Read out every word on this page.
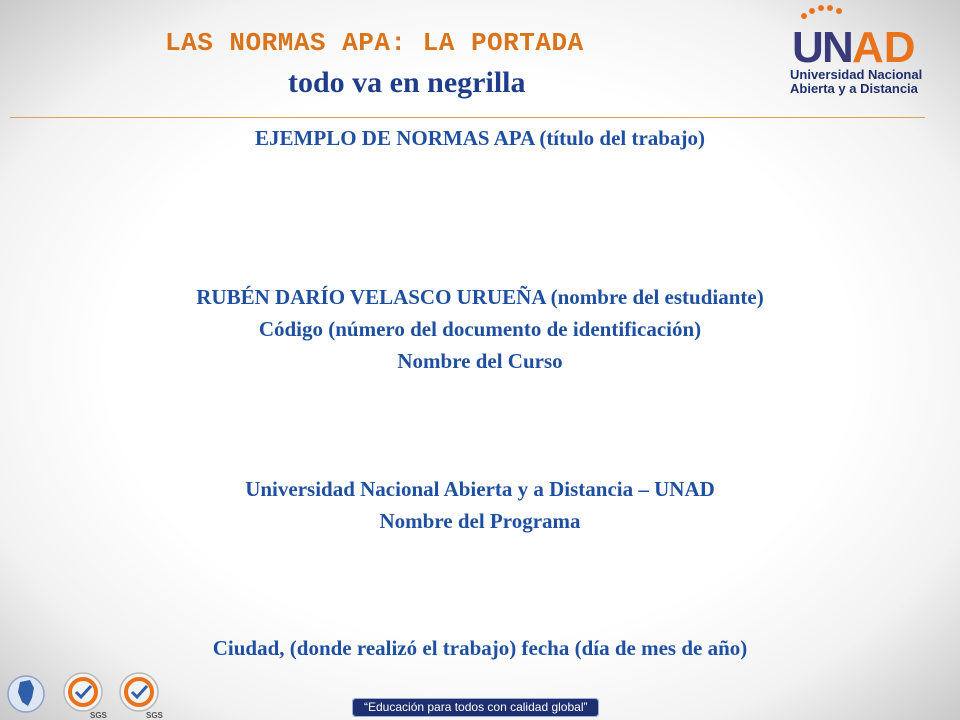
LAS NORMAS APA: LA PORTADA
todo va en negrilla
U
N
AD
Universidad Nacional
Abierta y a Distancia
EJEMPLO DE NORMAS APA (título del trabajo)
RUBÉN DARÍO VELASCO URUEÑA (nombre del estudiante)
Código (número del documento de identificación)
Nombre del Curso
Universidad Nacional Abierta y a Distancia – UNAD
Nombre del Programa
Ciudad, (donde realizó el trabajo) fecha (día de mes de año)
SGS	SGS
“Educación para todos con calidad global”
